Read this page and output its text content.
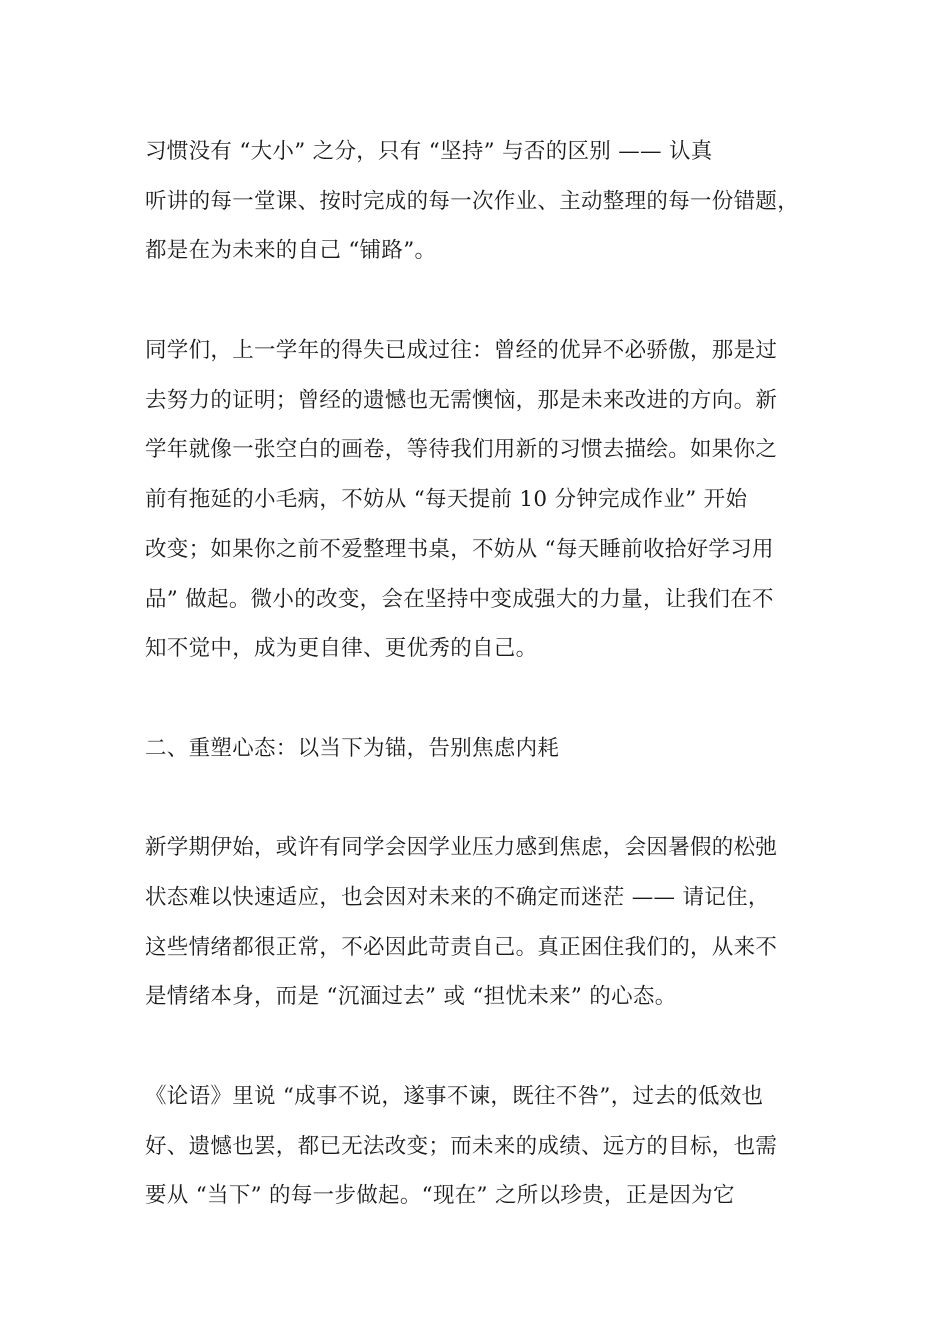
习惯没有 “大小” 之分，只有 “坚持” 与否的区别 —— 认真
听讲的每一堂课、按时完成的每一次作业、主动整理的每一份错题，
都是在为未来的自己 “铺路”。
同学们，上一学年的得失已成过往：曾经的优异不必骄傲，那是过
去努力的证明；曾经的遗憾也无需懊恼，那是未来改进的方向。新
学年就像一张空白的画卷，等待我们用新的习惯去描绘。如果你之
前有拖延的小毛病，不妨从 “每天提前 10 分钟完成作业” 开始
改变；如果你之前不爱整理书桌，不妨从 “每天睡前收拾好学习用
品” 做起。微小的改变，会在坚持中变成强大的力量，让我们在不
知不觉中，成为更自律、更优秀的自己。
二、重塑心态：以当下为锚，告别焦虑内耗
新学期伊始，或许有同学会因学业压力感到焦虑，会因暑假的松弛
状态难以快速适应，也会因对未来的不确定而迷茫 —— 请记住，
这些情绪都很正常，不必因此苛责自己。真正困住我们的，从来不
是情绪本身，而是 “沉湎过去” 或 “担忧未来” 的心态。
《论语》里说 “成事不说，遂事不谏，既往不咎”，过去的低效也
好、遗憾也罢，都已无法改变；而未来的成绩、远方的目标，也需
要从 “当下” 的每一步做起。“现在” 之所以珍贵，正是因为它
